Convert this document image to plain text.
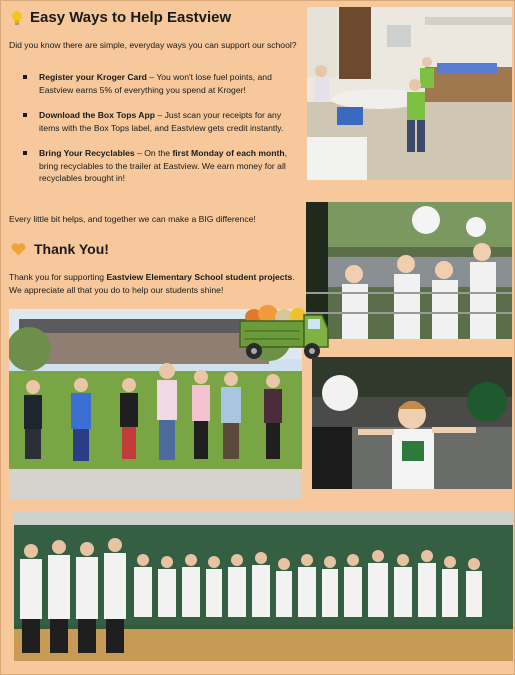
Easy Ways to Help Eastview
Did you know there are simple, everyday ways you can support our school?
Register your Kroger Card – You won't lose fuel points, and Eastview earns 5% of everything you spend at Kroger!
Download the Box Tops App – Just scan your receipts for any items with the Box Tops label, and Eastview gets credit instantly.
Bring Your Recyclables – On the first Monday of each month, bring recyclables to the trailer at Eastview. We earn money for all recyclables brought in!
Every little bit helps, and together we can make a BIG difference!
Thank You!
Thank you for supporting Eastview Elementary School student projects. We appreciate all that you do to help our students shine!
